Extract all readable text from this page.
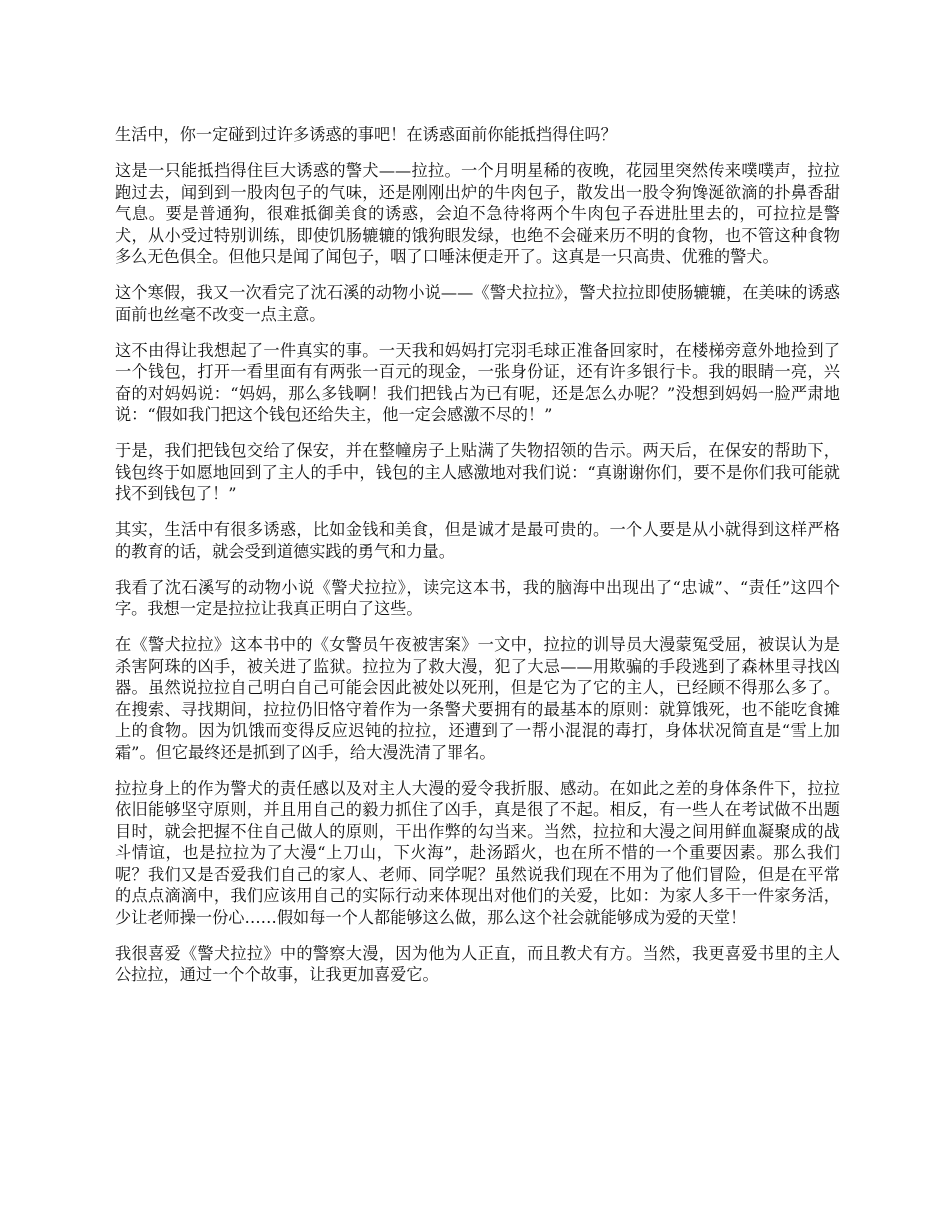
生活中，你一定碰到过许多诱惑的事吧！在诱惑面前你能抵挡得住吗？

这是一只能抵挡得住巨大诱惑的警犬——拉拉。一个月明星稀的夜晚，花园里突然传来噗噗声，拉拉跑过去，闻到到一股肉包子的气味，还是刚刚出炉的牛肉包子，散发出一股令狗馋涎欲滴的扑鼻香甜气息。要是普通狗，很难抵御美食的诱惑，会迫不急待将两个牛肉包子吞进肚里去的，可拉拉是警犬，从小受过特别训练，即使饥肠辘辘的饿狗眼发绿，也绝不会碰来历不明的食物，也不管这种食物多么无色俱全。但他只是闻了闻包子，咽了口唾沫便走开了。这真是一只高贵、优雅的警犬。

这个寒假，我又一次看完了沈石溪的动物小说——《警犬拉拉》，警犬拉拉即使肠辘辘，在美味的诱惑面前也丝毫不改变一点主意。

这不由得让我想起了一件真实的事。一天我和妈妈打完羽毛球正准备回家时，在楼梯旁意外地捡到了一个钱包，打开一看里面有有两张一百元的现金，一张身份证，还有许多银行卡。我的眼睛一亮，兴奋的对妈妈说：“妈妈，那么多钱啊！我们把钱占为已有呢，还是怎么办呢？”没想到妈妈一脸严肃地说：“假如我门把这个钱包还给失主，他一定会感激不尽的！”

于是，我们把钱包交给了保安，并在整幢房子上贴满了失物招领的告示。两天后，在保安的帮助下，钱包终于如愿地回到了主人的手中，钱包的主人感激地对我们说：“真谢谢你们，要不是你们我可能就找不到钱包了！”

其实，生活中有很多诱惑，比如金钱和美食，但是诚才是最可贵的。一个人要是从小就得到这样严格的教育的话，就会受到道德实践的勇气和力量。

我看了沈石溪写的动物小说《警犬拉拉》，读完这本书，我的脑海中出现出了“忠诚”、“责任”这四个字。我想一定是拉拉让我真正明白了这些。

在《警犬拉拉》这本书中的《女警员午夜被害案》一文中，拉拉的训导员大漫蒙冤受屈，被误认为是杀害阿珠的凶手，被关进了监狱。拉拉为了救大漫，犯了大忌——用欺骗的手段逃到了森林里寻找凶器。虽然说拉拉自己明白自己可能会因此被处以死刑，但是它为了它的主人，已经顾不得那么多了。在搜索、寻找期间，拉拉仍旧恪守着作为一条警犬要拥有的最基本的原则：就算饿死，也不能吃食摊上的食物。因为饥饿而变得反应迟钝的拉拉，还遭到了一帮小混混的毒打，身体状况简直是“雪上加霜”。但它最终还是抓到了凶手，给大漫洗清了罪名。

拉拉身上的作为警犬的责任感以及对主人大漫的爱令我折服、感动。在如此之差的身体条件下，拉拉依旧能够坚守原则，并且用自己的毅力抓住了凶手，真是很了不起。相反，有一些人在考试做不出题目时，就会把握不住自己做人的原则，干出作弊的勾当来。当然，拉拉和大漫之间用鲜血凝聚成的战斗情谊，也是拉拉为了大漫“上刀山，下火海”，赴汤蹈火，也在所不惜的一个重要因素。那么我们呢？我们又是否爱我们自己的家人、老师、同学呢？虽然说我们现在不用为了他们冒险，但是在平常的点点滴滴中，我们应该用自己的实际行动来体现出对他们的关爱，比如：为家人多干一件家务活，少让老师操一份心……假如每一个人都能够这么做，那么这个社会就能够成为爱的天堂！

我很喜爱《警犬拉拉》中的警察大漫，因为他为人正直，而且教犬有方。当然，我更喜爱书里的主人公拉拉，通过一个个故事，让我更加喜爱它。
